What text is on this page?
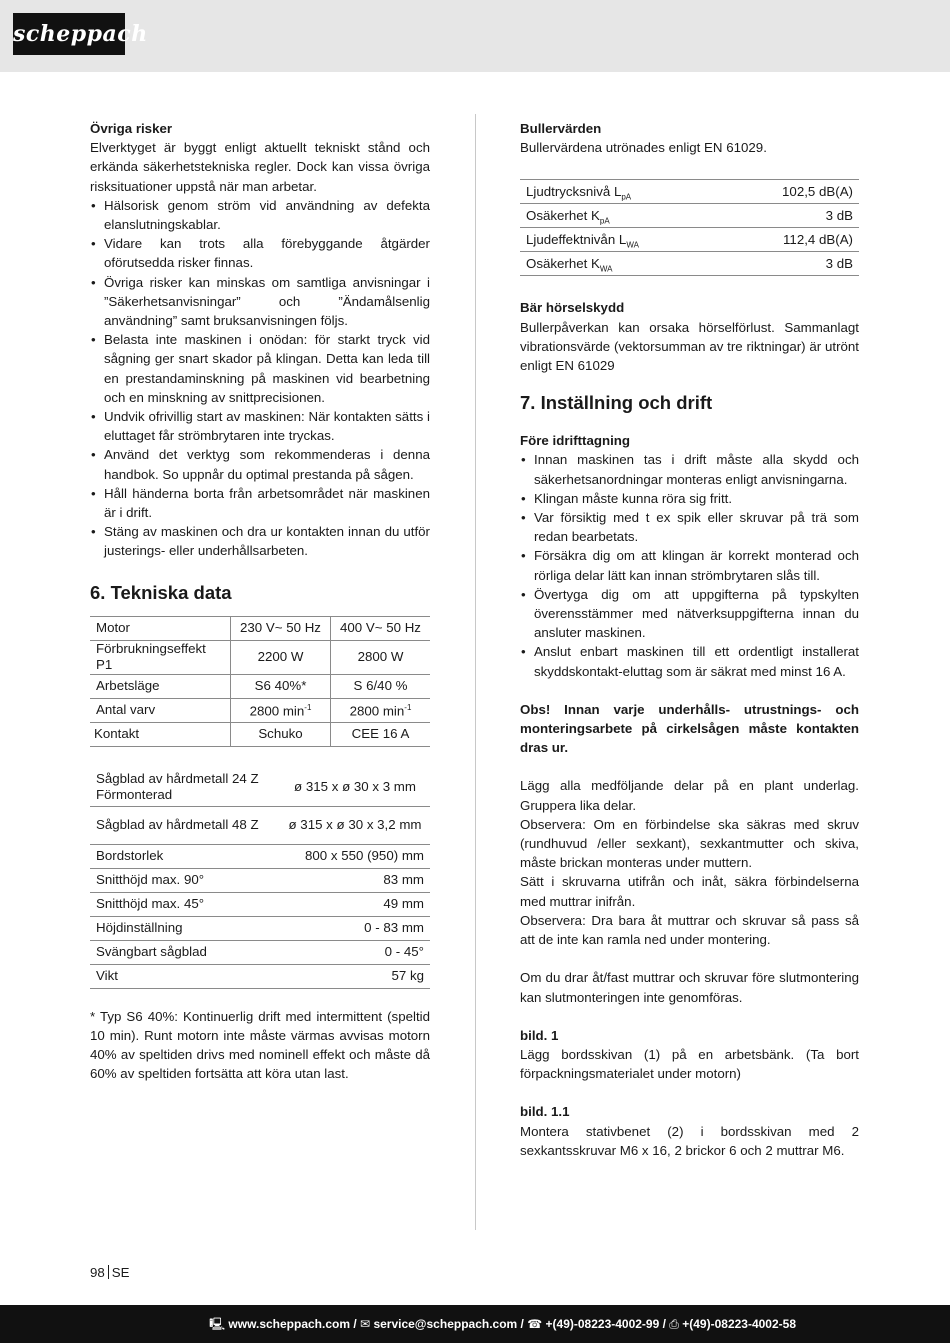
scheppach

Övriga risker

Elverktyget är byggt enligt aktuellt tekniskt stånd och erkända säkerhetstekniska regler. Dock kan vissa övriga risksituationer uppstå när man arbetar.

• Hälsorisk genom ström vid användning av defekta elanslutningskablar.
• Vidare kan trots alla förebyggande åtgärder oförutsedda risker finnas.
• Övriga risker kan minskas om samtliga anvisningar i ”Säkerhetsanvisningar” och ”Ändamålsenlig användning” samt bruksanvisningen följs.
• Belasta inte maskinen i onödan: för starkt tryck vid sågning ger snart skador på klingan. Detta kan leda till en prestandaminskning på maskinen vid bearbetning och en minskning av snittprecisionen.
• Undvik ofrivillig start av maskinen: När kontakten sätts i eluttaget får strömbrytaren inte tryckas.
• Använd det verktyg som rekommenderas i denna handbok. So uppnår du optimal prestanda på sågen.
• Håll händerna borta från arbetsområdet när maskinen är i drift.
• Stäng av maskinen och dra ur kontakten innan du utför justerings- eller underhållsarbeten.
6. Tekniska data
Motor	230 V~ 50 Hz	400 V~ 50 Hz
Förbrukningseffekt P1	2200 W	2800 W
Arbetsläge	S6 40%*	S 6/40 %
Antal varv	2800 $\min^{-1}$	2800 $\min^{-1}$
Kontakt	Schuko	CEE 16 A
Sågblad av hårdmetall 24 Z Förmonterad	ø 315 x ø 30 x 3 mm
Sågblad av hårdmetall 48 Z	ø 315 x ø 30 x 3,2 mm
Bordstorlek	800 x 550 (950) mm
Snitthöjd max. 90°	83 mm
Snitthöjd max. 45°	49 mm
Höjdinställning	0 - 83 mm
Svängbart sågblad	0 - 45°
Vikt	57 kg

* Typ S6 40%: Kontinuerlig drift med intermittent (speltid 10 min). Runt motorn inte måste värmas avvisas motorn 40% av speltiden drivs med nominell effekt och måste då 60% av speltiden fortsätta att köra utan last.

Bullervärden

Bullervärdena utrönades enligt EN 61029.

Ljudtrycksnivå $L_{pA}$	102,5 dB(A)
Osäkerhet $K_{pA}$	3 dB
Ljudeffektnivån $L_{WA}$	112,4 dB(A)
Osäkerhet $K_{WA}$	3 dB

Bär hörselskydd

Bullerpåverkan kan orsaka hörselförlust. Sammanlagt vibrationsvärde (vektorsumman av tre riktningar) är utrönt enligt EN 61029

7. Inställning och drift

Före idrifttagning

• Innan maskinen tas i drift måste alla skydd och säkerhetsanordningar monteras enligt anvisningarna.
• Klingan måste kunna röra sig fritt.
• Var försiktig med t ex spik eller skruvar på trä som redan bearbetats.
• Försäkra dig om att klingan är korrekt monterad och rörliga delar lätt kan innan strömbrytaren slås till.
• Övertyga dig om att uppgifterna på typskylten överensstämmer med nätverksuppgifterna innan du ansluter maskinen.
• Anslut enbart maskinen till ett ordentligt installerat skyddskontakt-eluttag som är säkrat med minst 16 A.

Obs! Innan varje underhålls- utrustnings- och monteringsarbete på cirkelsågen måste kontakten dras ur.

Lägg alla medföljande delar på en plant underlag. Gruppera lika delar.

Observera: Om en förbindelse ska säkras med skruv (rundhuvud /eller sexkant), sexkantmutter och skiva, måste brickan monteras under muttern.

Sätt i skruvarna utifrån och inåt, säkra förbindelserna med muttrar inifrån.

Observera: Dra bara åt muttrar och skruvar så pass så att de inte kan ramla ned under montering.

Om du drar åt/fast muttrar och skruvar före slutmontering kan slutmonteringen inte genomföras.

bild. 1

Lägg bordsskivan (1) på en arbetsbänk. (Ta bort förpackningsmaterialet under motorn)

bild. 1.1

Montera stativbenet (2) i bordsskivan med 2 sexkantsskruvar M6 x 16, 2 brickor 6 och 2 muttrar M6.

98 SE
🖳 www.scheppach.com / ✉ service@scheppach.com / ☎ +(49)-08223-4002-99 / ⎙ +(49)-08223-4002-58
